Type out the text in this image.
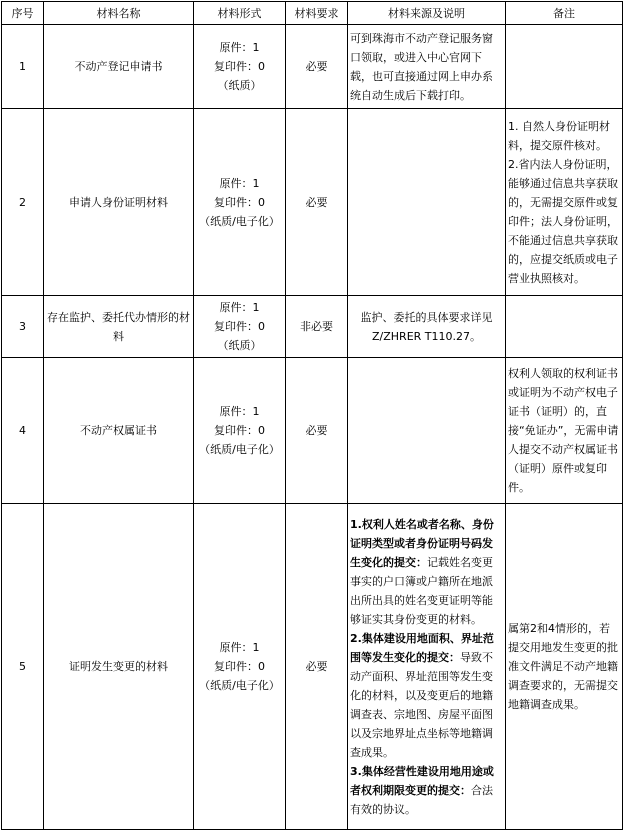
序号	材料名称	材料形式	材料要求	材料来源及说明	备注
1	不动产登记申请书	原件：1
复印件：0
（纸质）	必要	可到珠海市不动产登记服务窗口领取，或进入中心官网下载，也可直接通过网上申办系统自动生成后下载打印。	
2	申请人身份证明材料	原件：1
复印件：0
（纸质/电子化）	必要		1. 自然人身份证明材料，提交原件核对。
2.省内法人身份证明，能够通过信息共享获取的，无需提交原件或复印件；法人身份证明，不能通过信息共享获取的，应提交纸质或电子营业执照核对。

3	存在监护、委托代办情形的材料	原件：1
复印件：0
（纸质）	非必要	监护、委托的具体要求详见Z/ZHRER T110.27。	
4	不动产权属证书	原件：1
复印件：0
（纸质/电子化）	必要		权利人领取的权利证书或证明为不动产权电子证书（证明）的，直接“免证办”，无需申请人提交不动产权属证书（证明）原件或复印件。
5	证明发生变更的材料	原件：1
复印件：0
（纸质/电子化）	必要	1.权利人姓名或者名称、身份证明类型或者身份证明号码发生变化的提交：记载姓名变更事实的户口簿或户籍所在地派出所出具的姓名变更证明等能够证实其身份变更的材料。
2.集体建设用地面积、界址范围等发生变化的提交：导致不动产面积、界址范围等发生变化的材料，以及变更后的地籍调查表、宗地图、房屋平面图以及宗地界址点坐标等地籍调查成果。
3.集体经营性建设用地用途或者权利期限变更的提交：合法有效的协议。	属第2和4情形的，若提交用地发生变更的批准文件满足不动产地籍调查要求的，无需提交地籍调查成果。
